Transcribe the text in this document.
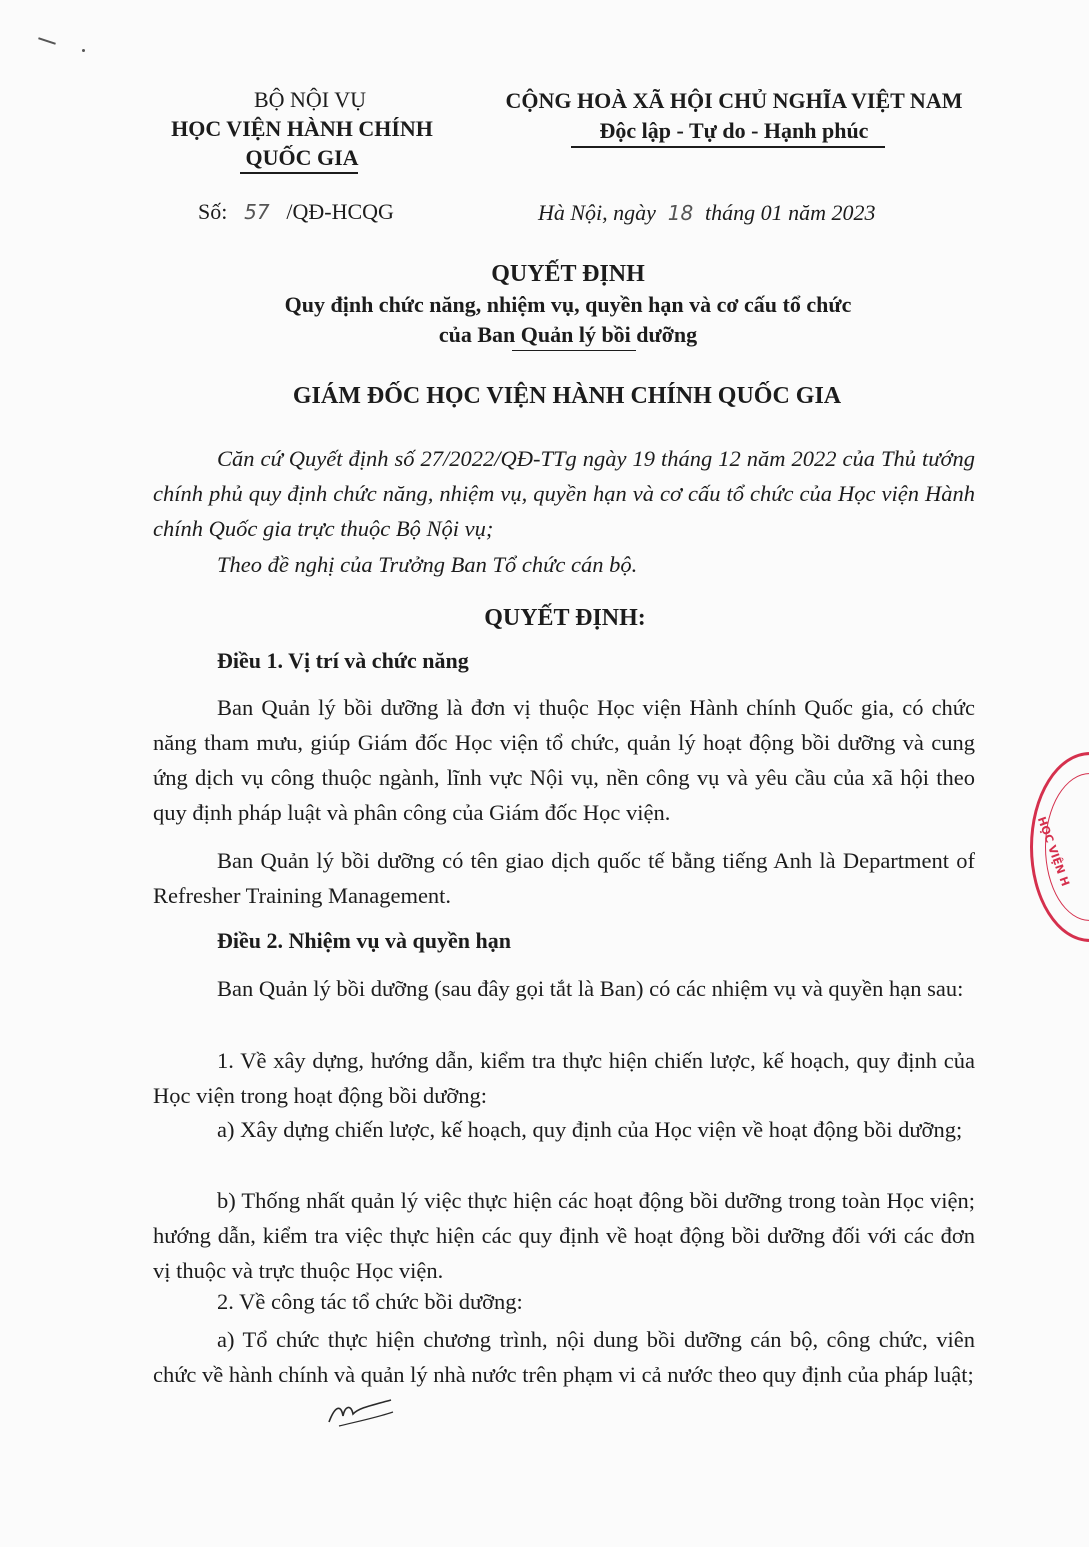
BỘ NỘI VỤ
HỌC VIỆN HÀNH CHÍNH
QUỐC GIA
CỘNG HOÀ XÃ HỘI CHỦ NGHĨA VIỆT NAM
Độc lập - Tự do - Hạnh phúc
Số: 57 /QĐ-HCQG	Hà Nội, ngày 18 tháng 01 năm 2023
QUYẾT ĐỊNH
Quy định chức năng, nhiệm vụ, quyền hạn và cơ cấu tổ chức
của Ban Quản lý bồi dưỡng
GIÁM ĐỐC HỌC VIỆN HÀNH CHÍNH QUỐC GIA
Căn cứ Quyết định số 27/2022/QĐ-TTg ngày 19 tháng 12 năm 2022 của Thủ tướng chính phủ quy định chức năng, nhiệm vụ, quyền hạn và cơ cấu tổ chức của Học viện Hành chính Quốc gia trực thuộc Bộ Nội vụ;
Theo đề nghị của Trưởng Ban Tổ chức cán bộ.
QUYẾT ĐỊNH:
Điều 1. Vị trí và chức năng
Ban Quản lý bồi dưỡng là đơn vị thuộc Học viện Hành chính Quốc gia, có chức năng tham mưu, giúp Giám đốc Học viện tổ chức, quản lý hoạt động bồi dưỡng và cung ứng dịch vụ công thuộc ngành, lĩnh vực Nội vụ, nền công vụ và yêu cầu của xã hội theo quy định pháp luật và phân công của Giám đốc Học viện.
Ban Quản lý bồi dưỡng có tên giao dịch quốc tế bằng tiếng Anh là Department of Refresher Training Management.
Điều 2. Nhiệm vụ và quyền hạn
Ban Quản lý bồi dưỡng (sau đây gọi tắt là Ban) có các nhiệm vụ và quyền hạn sau:
1. Về xây dựng, hướng dẫn, kiểm tra thực hiện chiến lược, kế hoạch, quy định của Học viện trong hoạt động bồi dưỡng:
a) Xây dựng chiến lược, kế hoạch, quy định của Học viện về hoạt động bồi dưỡng;
b) Thống nhất quản lý việc thực hiện các hoạt động bồi dưỡng trong toàn Học viện; hướng dẫn, kiểm tra việc thực hiện các quy định về hoạt động bồi dưỡng đối với các đơn vị thuộc và trực thuộc Học viện.
2. Về công tác tổ chức bồi dưỡng:
a) Tổ chức thực hiện chương trình, nội dung bồi dưỡng cán bộ, công chức, viên chức về hành chính và quản lý nhà nước trên phạm vi cả nước theo quy định của pháp luật;
HỌC VIỆN H
